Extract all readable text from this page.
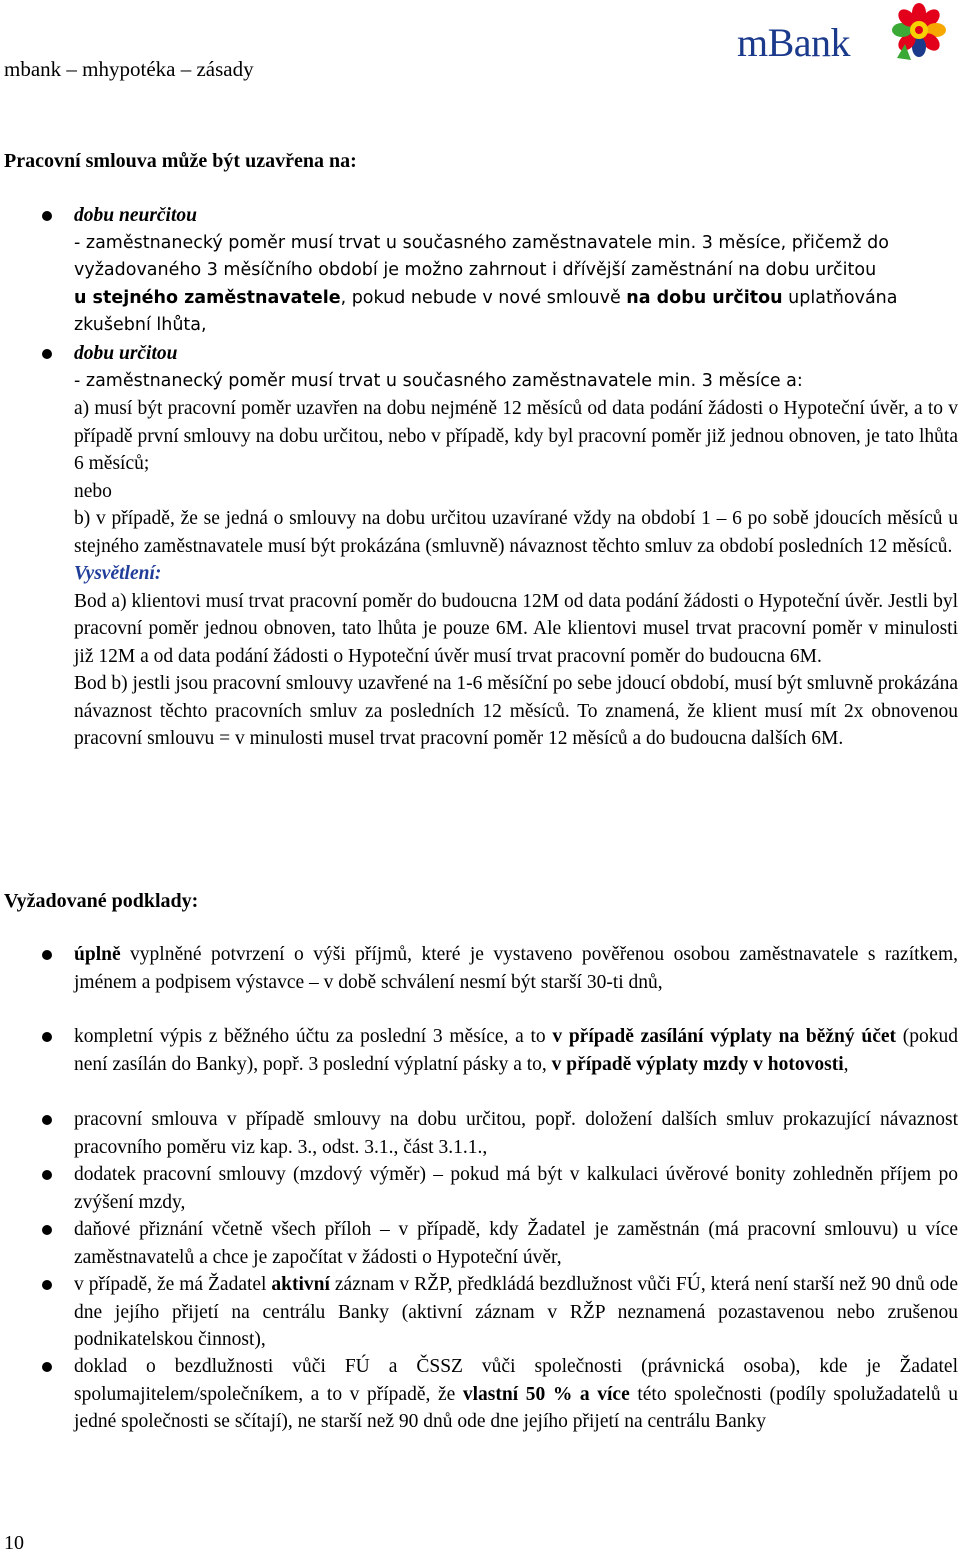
mbank – mhypotéka – zásady
mBank
Pracovní smlouva může být uzavřena na:

dobu neurčitou

- zaměstnanecký poměr musí trvat u současného zaměstnavatele min. 3 měsíce, přičemž do

vyžadovaného 3 měsíčního období je možno zahrnout i dřívější zaměstnání na dobu určitou

u stejného zaměstnavatele, pokud nebude v nové smlouvě na dobu určitou uplatňována

zkušební lhůta,

dobu určitou

- zaměstnanecký poměr musí trvat u současného zaměstnavatele min. 3 měsíce a:

a) musí být pracovní poměr uzavřen na dobu nejméně 12 měsíců od data podání žádosti o Hypoteční úvěr, a to v případě první smlouvy na dobu určitou, nebo v případě, kdy byl pracovní poměr již jednou obnoven, je tato lhůta 6 měsíců;

nebo

b) v případě, že se jedná o smlouvy na dobu určitou uzavírané vždy na období 1 – 6 po sobě jdoucích měsíců u stejného zaměstnavatele musí být prokázána (smluvně) návaznost těchto smluv za období posledních 12 měsíců.

Vysvětlení:

Bod a) klientovi musí trvat pracovní poměr do budoucna 12M od data podání žádosti o Hypoteční úvěr. Jestli byl pracovní poměr jednou obnoven, tato lhůta je pouze 6M. Ale klientovi musel trvat pracovní poměr v minulosti již 12M a od data podání žádosti o Hypoteční úvěr musí trvat pracovní poměr do budoucna 6M.

Bod b) jestli jsou pracovní smlouvy uzavřené na 1-6 měsíční po sebe jdoucí období, musí být smluvně prokázána návaznost těchto pracovních smluv za posledních 12 měsíců. To znamená, že klient musí mít 2x obnovenou pracovní smlouvu = v minulosti musel trvat pracovní poměr 12 měsíců a do budoucna dalších 6M.

Vyžadované podklady:

úplně vyplněné potvrzení o výši příjmů, které je vystaveno pověřenou osobou zaměstnavatele s razítkem, jménem a podpisem výstavce – v době schválení nesmí být starší 30-ti dnů,

kompletní výpis z běžného účtu za poslední 3 měsíce, a to v případě zasílání výplaty na běžný účet (pokud není zasílán do Banky), popř. 3 poslední výplatní pásky a to, v případě výplaty mzdy v hotovosti,

pracovní smlouva v případě smlouvy na dobu určitou, popř. doložení dalších smluv prokazující návaznost pracovního poměru viz kap. 3., odst. 3.1., část 3.1.1.,

dodatek pracovní smlouvy (mzdový výměr) – pokud má být v kalkulaci úvěrové bonity zohledněn příjem po zvýšení mzdy,

daňové přiznání včetně všech příloh – v případě, kdy Žadatel je zaměstnán (má pracovní smlouvu) u více zaměstnavatelů a chce je započítat v žádosti o Hypoteční úvěr,

v případě, že má Žadatel aktivní záznam v RŽP, předkládá bezdlužnost vůči FÚ, která není starší než 90 dnů ode dne jejího přijetí na centrálu Banky (aktivní záznam v RŽP neznamená pozastavenou nebo zrušenou podnikatelskou činnost),

doklad o bezdlužnosti vůči FÚ a ČSSZ vůči společnosti (právnická osoba), kde je Žadatel spolumajitelem/společníkem, a to v případě, že vlastní 50 % a více této společnosti (podíly spolužadatelů u jedné společnosti se sčítají), ne starší než 90 dnů ode dne jejího přijetí na centrálu Banky

10
